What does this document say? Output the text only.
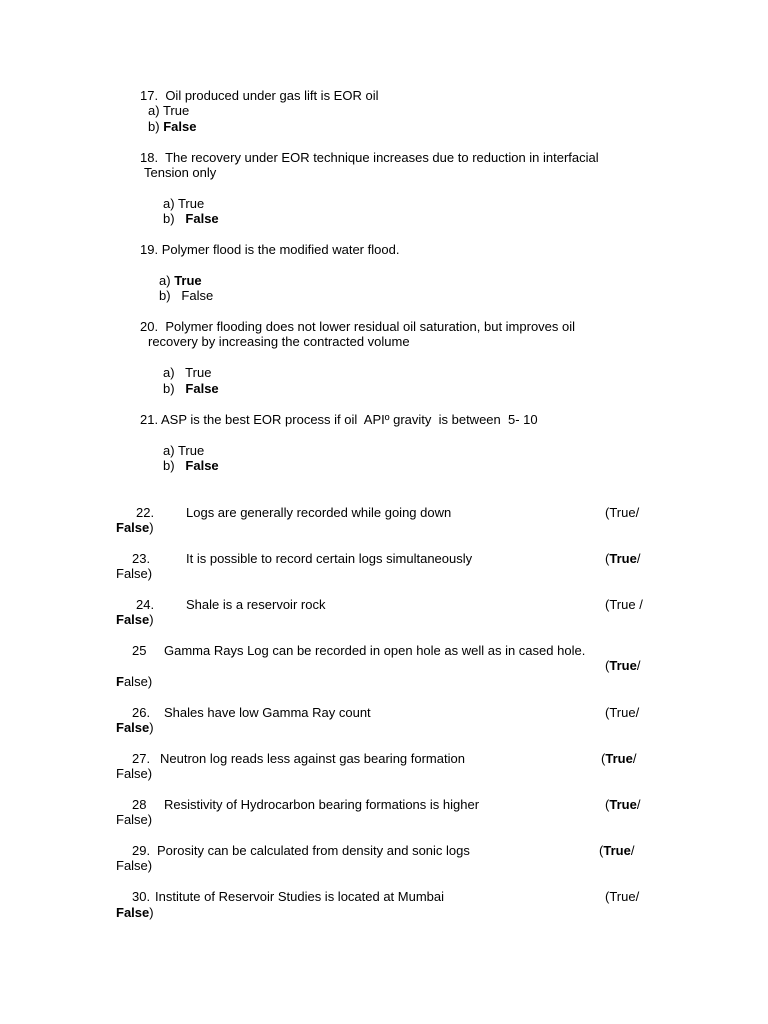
17. Oil produced under gas lift is EOR oil
a) True
b) False
18. The recovery under EOR technique increases due to reduction in interfacial
Tension only
a) True
b) False
19. Polymer flood is the modified water flood.
a) True
b) False
20. Polymer flooding does not lower residual oil saturation, but improves oil
recovery by increasing the contracted volume
a) True
b) False
21. ASP is the best EOR process if oil  APIº gravity  is between  5- 10
a) True
b) False
22. Logs are generally recorded while going down	(True/
False)
23.	It is possible to record certain logs simultaneously	(True/
False)
24. Shale is a reservoir rock	(True /
False)
25 Gamma Rays Log can be recorded in open hole as well as in cased hole.
(True/
False)
26. Shales have low Gamma Ray count	(True/
False)
27. Neutron log reads less against gas bearing formation	(True/
False)
28 Resistivity of Hydrocarbon bearing formations is higher	(True/
False)
29. Porosity can be calculated from density and sonic logs	(True/
False)
30. Institute of Reservoir Studies is located at Mumbai	(True/
False)
